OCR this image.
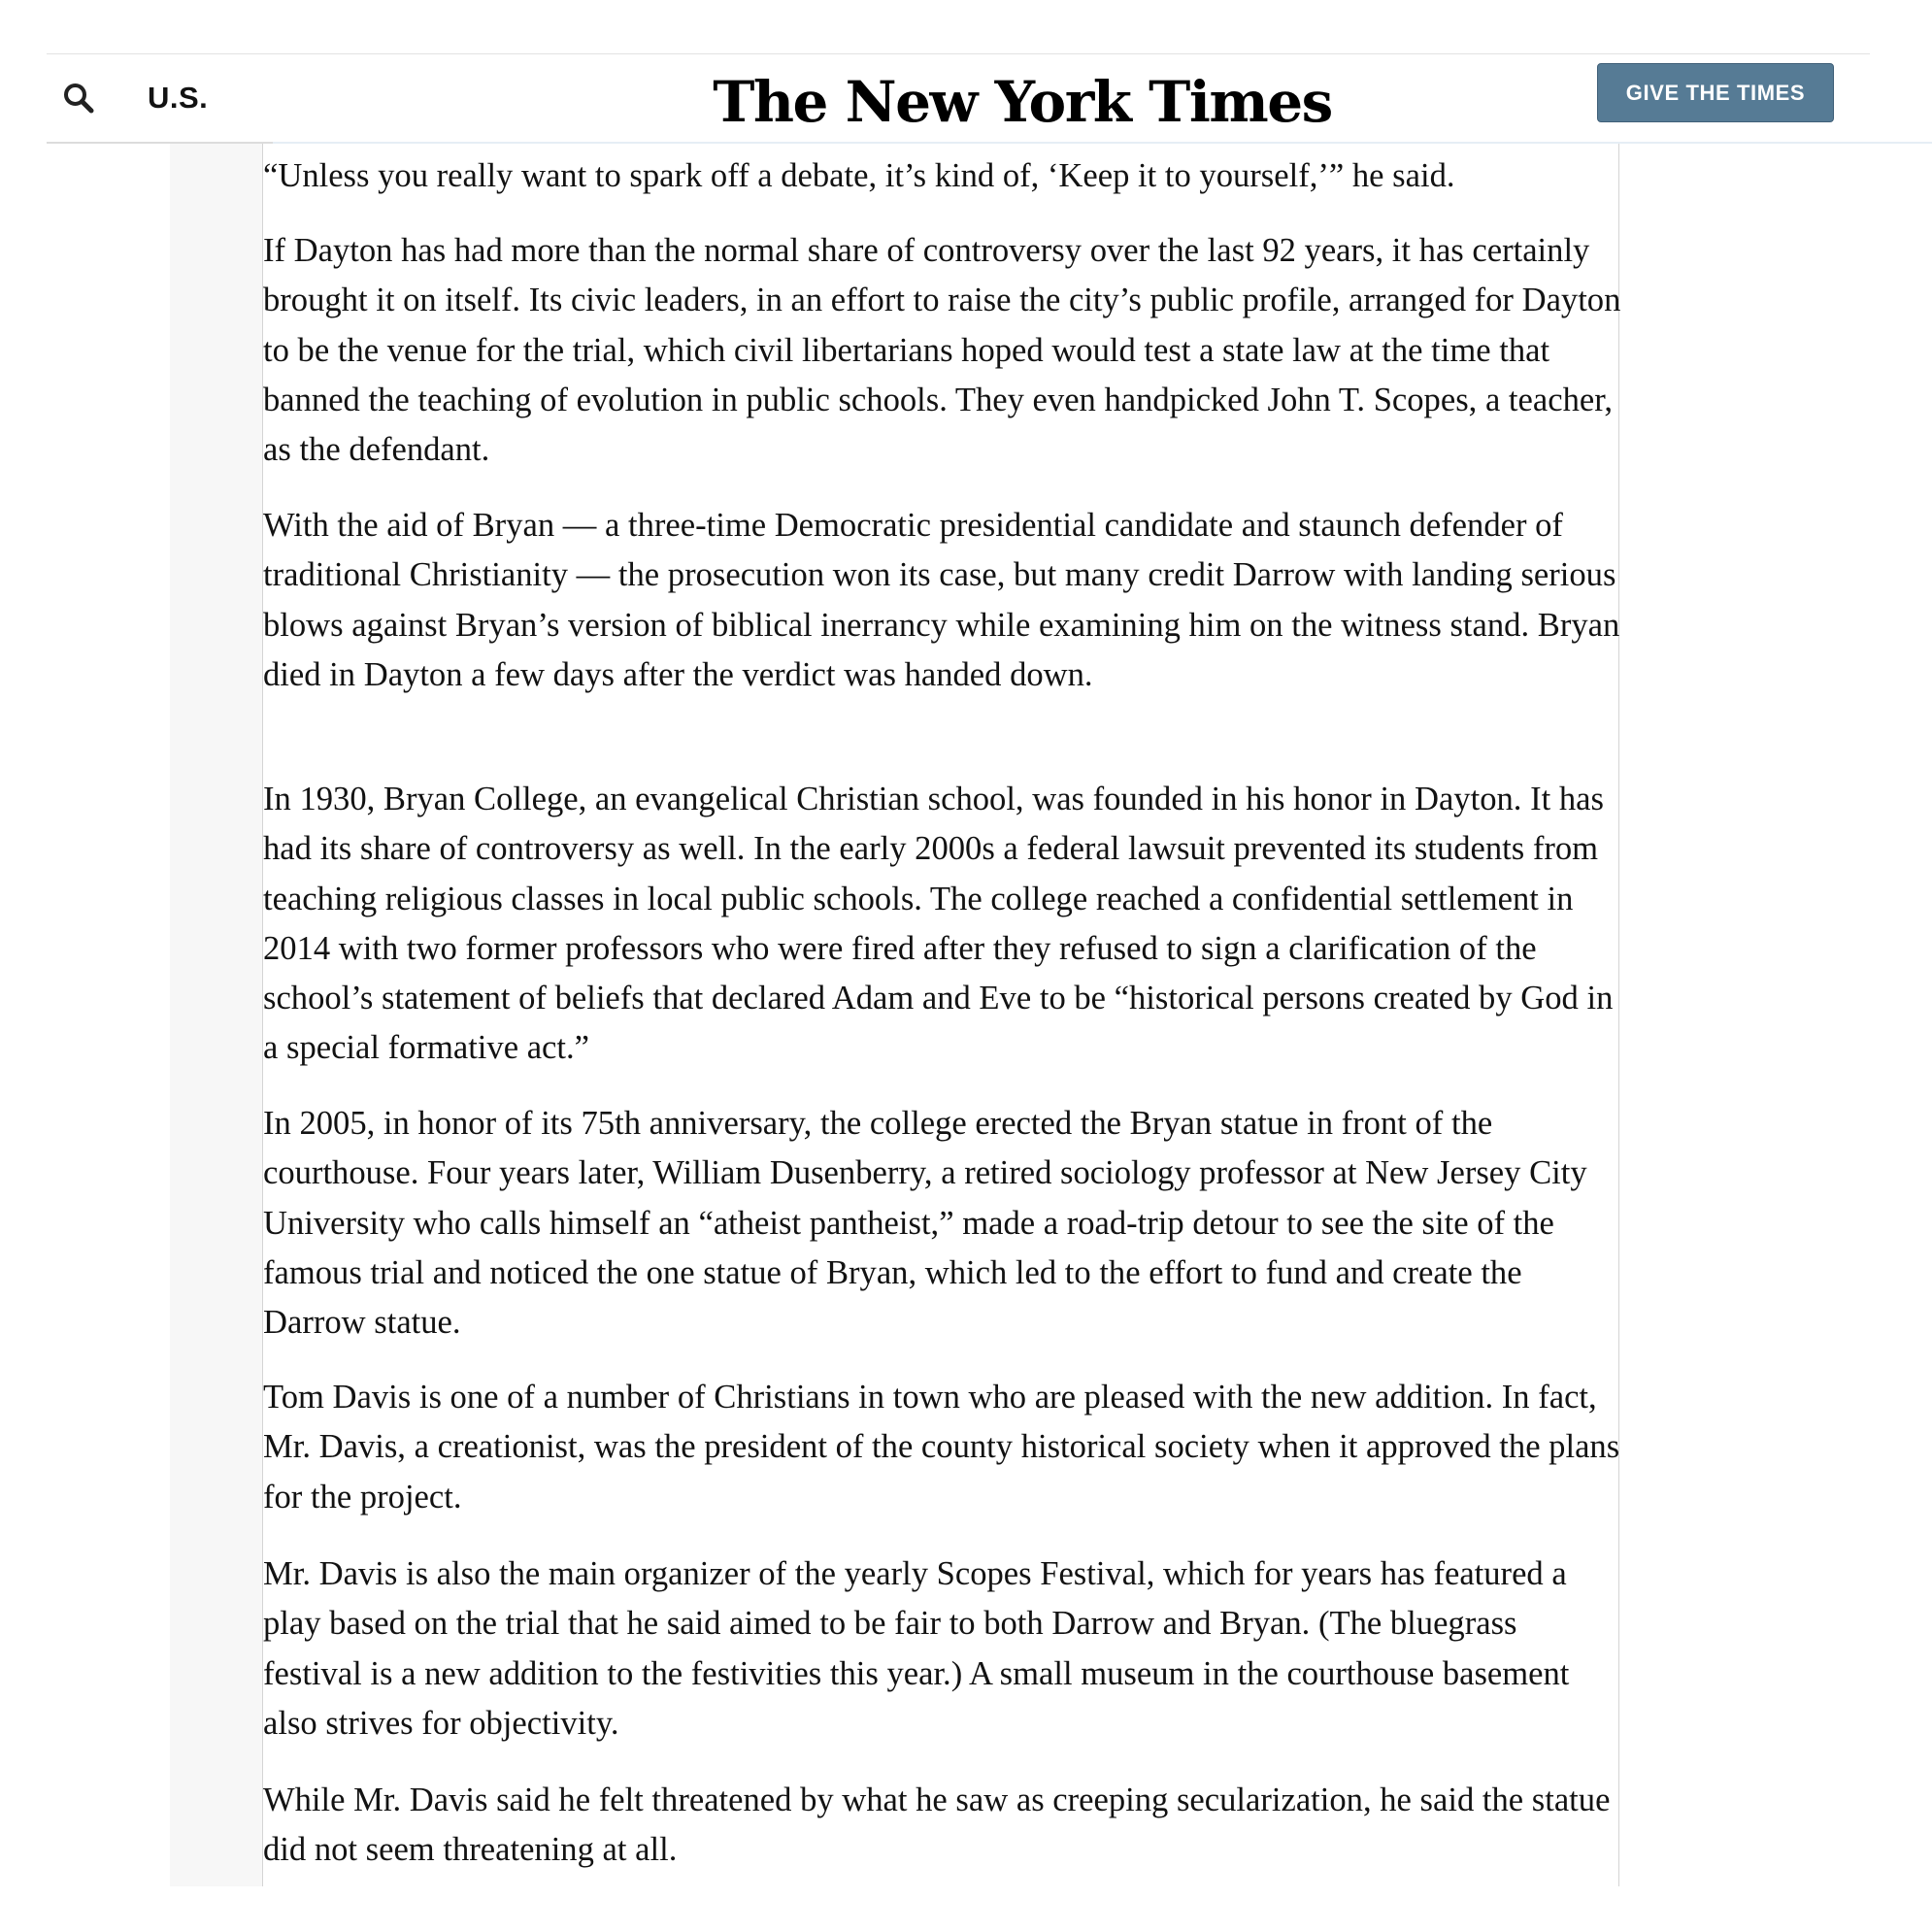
U.S.	The New York Times	GIVE THE TIMES

“Unless you really want to spark off a debate, it’s kind of, ‘Keep it to yourself,’” he said.

If Dayton has had more than the normal share of controversy over the last 92 years, it has certainly brought it on itself. Its civic leaders, in an effort to raise the city’s public profile, arranged for Dayton to be the venue for the trial, which civil libertarians hoped would test a state law at the time that banned the teaching of evolution in public schools. They even handpicked John T. Scopes, a teacher, as the defendant.

With the aid of Bryan — a three-time Democratic presidential candidate and staunch defender of traditional Christianity — the prosecution won its case, but many credit Darrow with landing serious blows against Bryan’s version of biblical inerrancy while examining him on the witness stand. Bryan died in Dayton a few days after the verdict was handed down.

In 1930, Bryan College, an evangelical Christian school, was founded in his honor in Dayton. It has had its share of controversy as well. In the early 2000s a federal lawsuit prevented its students from teaching religious classes in local public schools. The college reached a confidential settlement in 2014 with two former professors who were fired after they refused to sign a clarification of the school’s statement of beliefs that declared Adam and Eve to be “historical persons created by God in a special formative act.”

In 2005, in honor of its 75th anniversary, the college erected the Bryan statue in front of the courthouse. Four years later, William Dusenberry, a retired sociology professor at New Jersey City University who calls himself an “atheist pantheist,” made a road-trip detour to see the site of the famous trial and noticed the one statue of Bryan, which led to the effort to fund and create the Darrow statue.

Tom Davis is one of a number of Christians in town who are pleased with the new addition. In fact, Mr. Davis, a creationist, was the president of the county historical society when it approved the plans for the project.

Mr. Davis is also the main organizer of the yearly Scopes Festival, which for years has featured a play based on the trial that he said aimed to be fair to both Darrow and Bryan. (The bluegrass festival is a new addition to the festivities this year.) A small museum in the courthouse basement also strives for objectivity.

While Mr. Davis said he felt threatened by what he saw as creeping secularization, he said the statue did not seem threatening at all.
